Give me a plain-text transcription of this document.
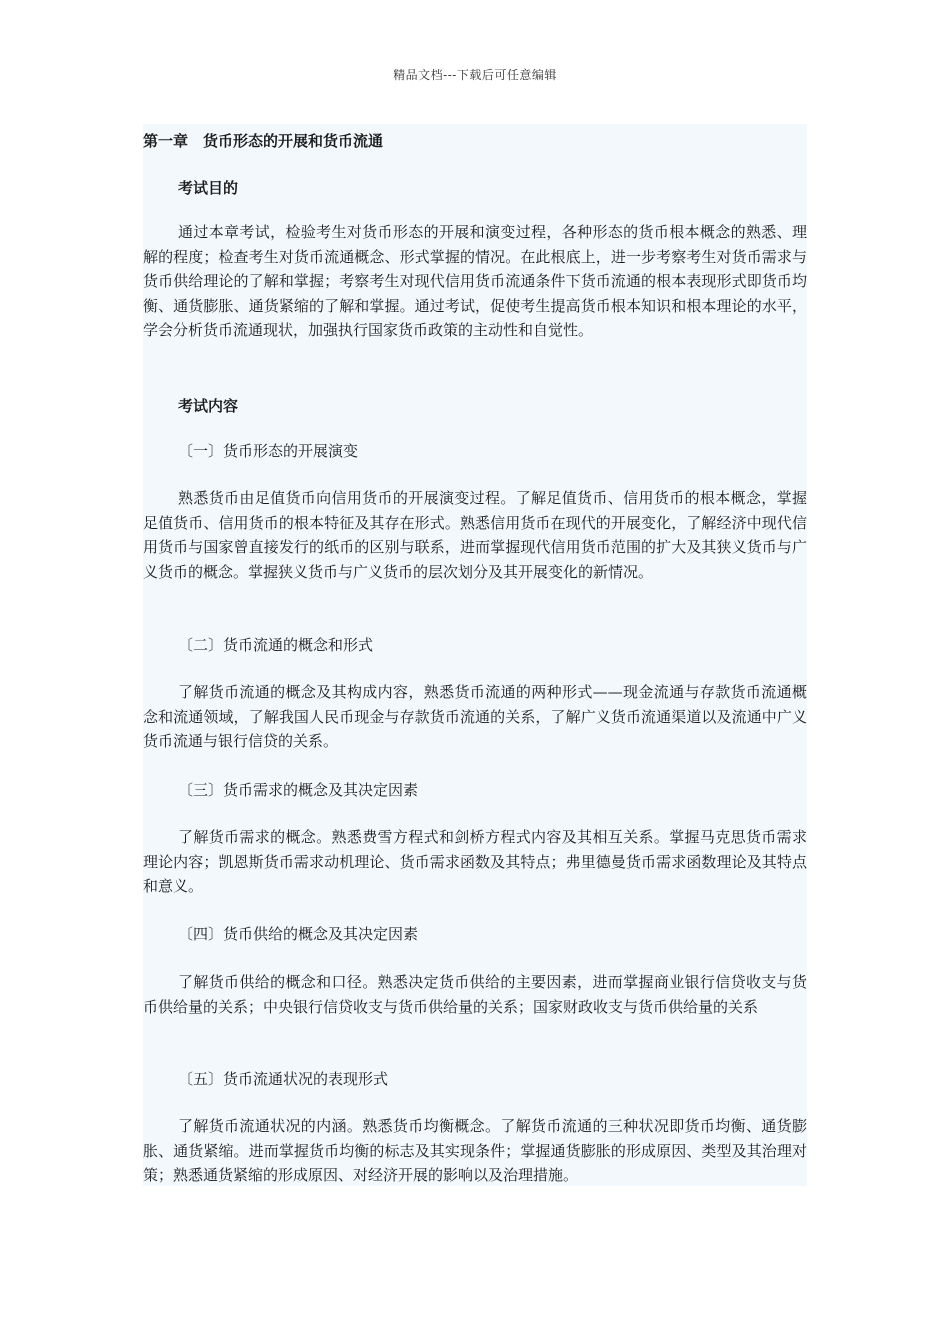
精品文档---下载后可任意编辑

第一章　货币形态的开展和货币流通

考试目的

通过本章考试，检验考生对货币形态的开展和演变过程，各种形态的货币根本概念的熟悉、理解的程度；检查考生对货币流通概念、形式掌握的情况。在此根底上，进一步考察考生对货币需求与货币供给理论的了解和掌握；考察考生对现代信用货币流通条件下货币流通的根本表现形式即货币均衡、通货膨胀、通货紧缩的了解和掌握。通过考试，促使考生提高货币根本知识和根本理论的水平，学会分析货币流通现状，加强执行国家货币政策的主动性和自觉性。

考试内容

〔一〕货币形态的开展演变

熟悉货币由足值货币向信用货币的开展演变过程。了解足值货币、信用货币的根本概念，掌握足值货币、信用货币的根本特征及其存在形式。熟悉信用货币在现代的开展变化，了解经济中现代信用货币与国家曾直接发行的纸币的区别与联系，进而掌握现代信用货币范围的扩大及其狭义货币与广义货币的概念。掌握狭义货币与广义货币的层次划分及其开展变化的新情况。

〔二〕货币流通的概念和形式

了解货币流通的概念及其构成内容，熟悉货币流通的两种形式——现金流通与存款货币流通概念和流通领域，了解我国人民币现金与存款货币流通的关系，了解广义货币流通渠道以及流通中广义货币流通与银行信贷的关系。

〔三〕货币需求的概念及其决定因素

了解货币需求的概念。熟悉费雪方程式和剑桥方程式内容及其相互关系。掌握马克思货币需求理论内容；凯恩斯货币需求动机理论、货币需求函数及其特点；弗里德曼货币需求函数理论及其特点和意义。

〔四〕货币供给的概念及其决定因素

了解货币供给的概念和口径。熟悉决定货币供给的主要因素，进而掌握商业银行信贷收支与货币供给量的关系；中央银行信贷收支与货币供给量的关系；国家财政收支与货币供给量的关系

〔五〕货币流通状况的表现形式

了解货币流通状况的内涵。熟悉货币均衡概念。了解货币流通的三种状况即货币均衡、通货膨胀、通货紧缩。进而掌握货币均衡的标志及其实现条件；掌握通货膨胀的形成原因、类型及其治理对策；熟悉通货紧缩的形成原因、对经济开展的影响以及治理措施。
